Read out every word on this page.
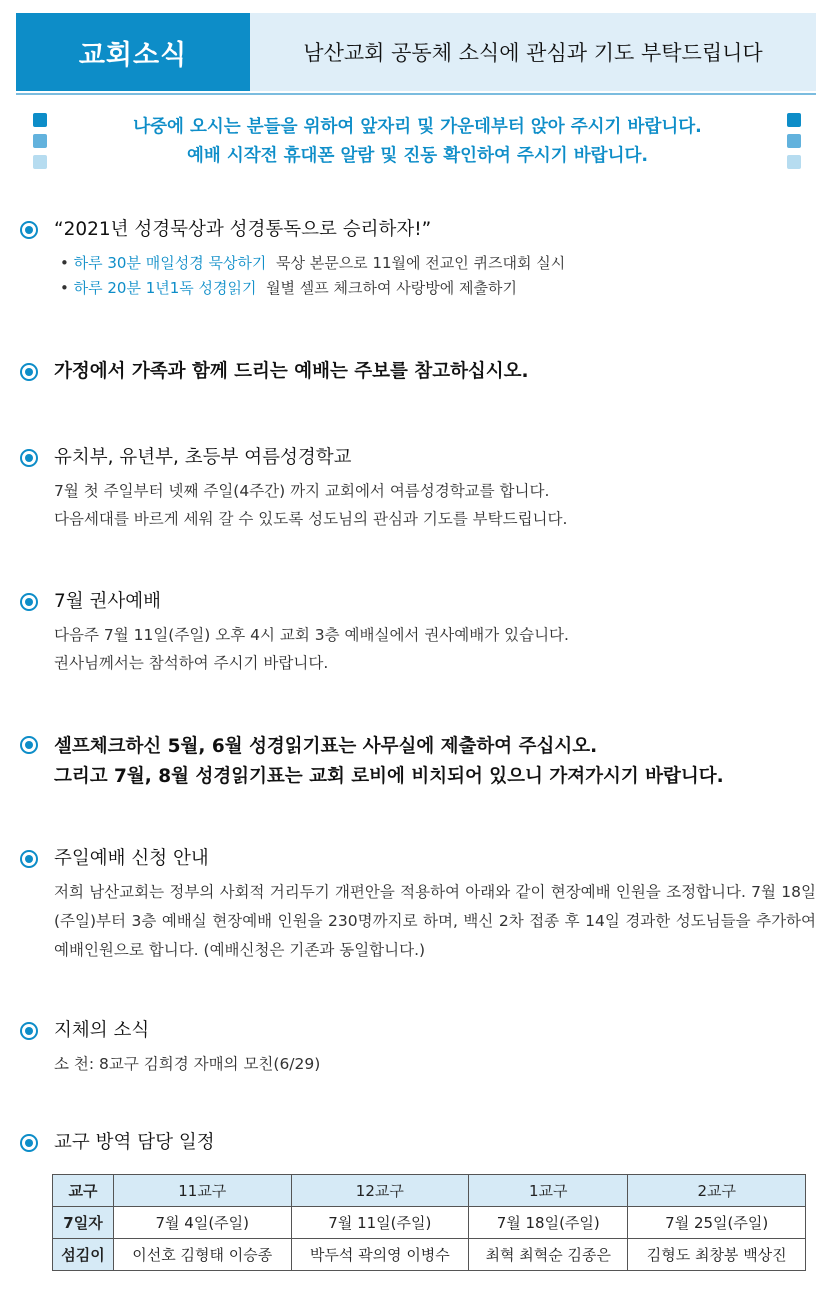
교회소식	남산교회 공동체 소식에 관심과 기도 부탁드립니다
나중에 오시는 분들을 위하여 앞자리 및 가운데부터 앉아 주시기 바랍니다.
예배 시작전 휴대폰 알람 및 진동 확인하여 주시기 바랍니다.
“2021년 성경묵상과 성경통독으로 승리하자!”
• 하루 30분 매일성경 묵상하기 묵상 본문으로 11월에 전교인 퀴즈대회 실시
• 하루 20분 1년1독 성경읽기 월별 셀프 체크하여 사랑방에 제출하기
가정에서 가족과 함께 드리는 예배는 주보를 참고하십시오.
유치부, 유년부, 초등부 여름성경학교
7월 첫 주일부터 넷째 주일(4주간) 까지 교회에서 여름성경학교를 합니다.
다음세대를 바르게 세워 갈 수 있도록 성도님의 관심과 기도를 부탁드립니다.
7월 권사예배
다음주 7월 11일(주일) 오후 4시 교회 3층 예배실에서 권사예배가 있습니다.
권사님께서는 참석하여 주시기 바랍니다.
셀프체크하신 5월, 6월 성경읽기표는 사무실에 제출하여 주십시오.
그리고 7월, 8월 성경읽기표는 교회 로비에 비치되어 있으니 가져가시기 바랍니다.
주일예배 신청 안내
저희 남산교회는 정부의 사회적 거리두기 개편안을 적용하여 아래와 같이 현장예배 인원을 조정합니다. 7월 18일(주일)부터 3층 예배실 현장예배 인원을 230명까지로 하며, 백신 2차 접종 후 14일 경과한 성도님들을 추가하여 예배인원으로 합니다. (예배신청은 기존과 동일합니다.)
지체의 소식
소 천: 8교구 김희경 자매의 모친(6/29)
교구 방역 담당 일정
교구	11교구	12교구	1교구	2교구
7일자	7월 4일(주일)	7월 11일(주일)	7월 18일(주일)	7월 25일(주일)
섬김이	이선호 김형태 이승종	박두석 곽의영 이병수	최혁 최혁순 김종은	김형도 최창봉 백상진
